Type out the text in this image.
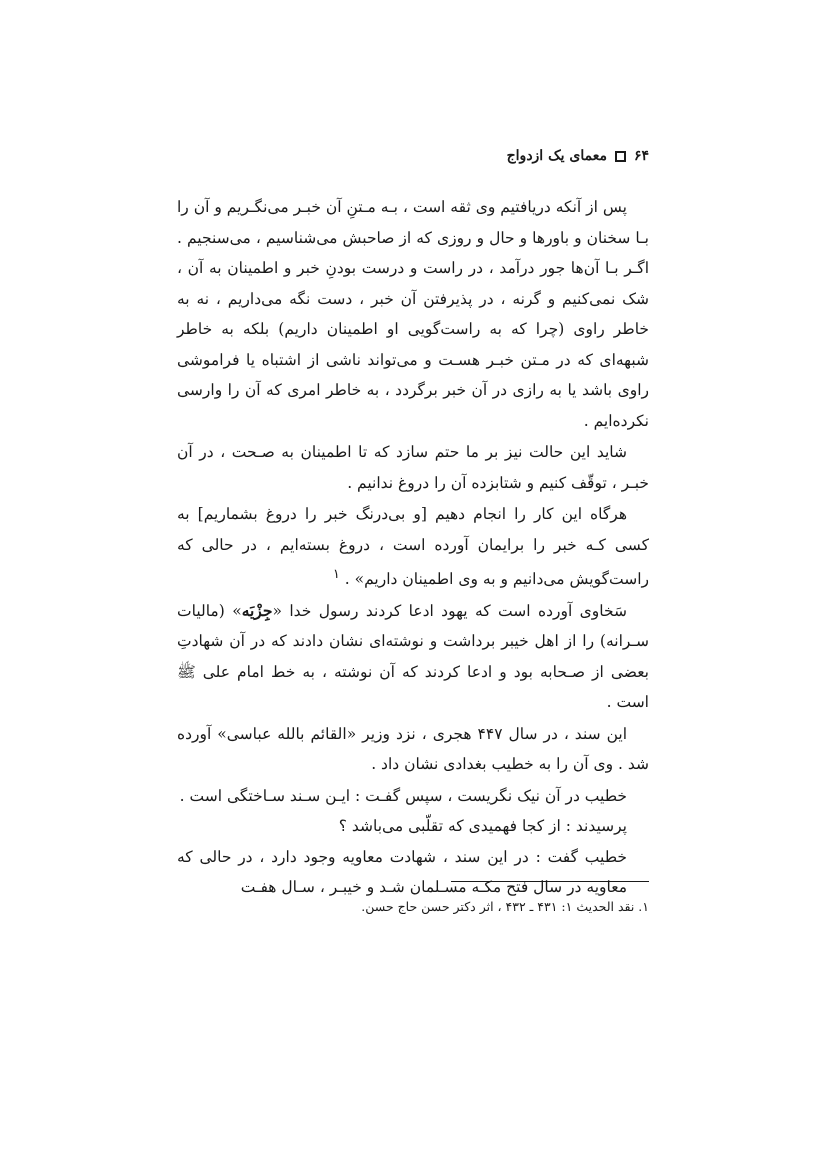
۶۴
معمای یک ازدواج

پس از آنکه دریافتیم وی ثقه است ، بـه مـتنِ آن خبـر می‌نگـریم و آن را بـا سخنان و باورها و حال و روزی که از صاحبش می‌شناسیم ، می‌سنجیم . اگـر بـا آن‌ها جور درآمد ، در راست و درست بودنِ خبر و اطمینان به آن ، شک نمی‌کنیم و گرنه ، در پذیرفتن آن خبر ، دست نگه می‌داریم ، نه به خاطر راوی (چرا که به راست‌گویی او اطمینان داریم) بلکه به خاطر شبهه‌ای که در مـتن خبـر هسـت و می‌تواند ناشی از اشتباه یا فراموشی راوی باشد یا به رازی در آن خبر برگردد ، به خاطر امری که آن را وارسی نکرده‌ایم .

شاید این حالت نیز بر ما حتم سازد که تا اطمینان به صـحت ، در آن خبـر ، توقّف کنیم و شتابزده آن را دروغ ندانیم .

هرگاه این کار را انجام دهیم [و بی‌درنگ خبر را دروغ بشماریم] به کسی کـه خبر را برایمان آورده است ، دروغ بسته‌ایم ، در حالی که راست‌گویش می‌دانیم و به وی اطمینان داریم» . $^۱$

سَخاوی آورده است که یهود ادعا کردند رسول خدا «جِزْیَه» (مالیات سـرانه) را از اهل خیبر برداشت و نوشته‌ای نشان دادند که در آن شهادتِ بعضی از صـحابه بود و ادعا کردند که آن نوشته ، به خط امام علی ﷺ است .

این سند ، در سال ۴۴۷ هجری ، نزد وزیر «القائم بالله عباسی» آورده شد . وی آن را به خطیب بغدادی نشان داد .

خطیب در آن نیک نگریست ، سپس گفـت : ایـن سـند سـاختگی است .

پرسیدند : از کجا فهمیدی که تقلّبی می‌باشد ؟

خطیب گفت : در این سند ، شهادت معاویه وجود دارد ، در حالی که معاویه در سال فتح مکـه مسـلمان شـد و خیبـر ، سـال هفـت

۱. نقد الحدیث ۱: ۴۳۱ ـ ۴۳۲ ، اثر دکتر حسن حاج حسن.
